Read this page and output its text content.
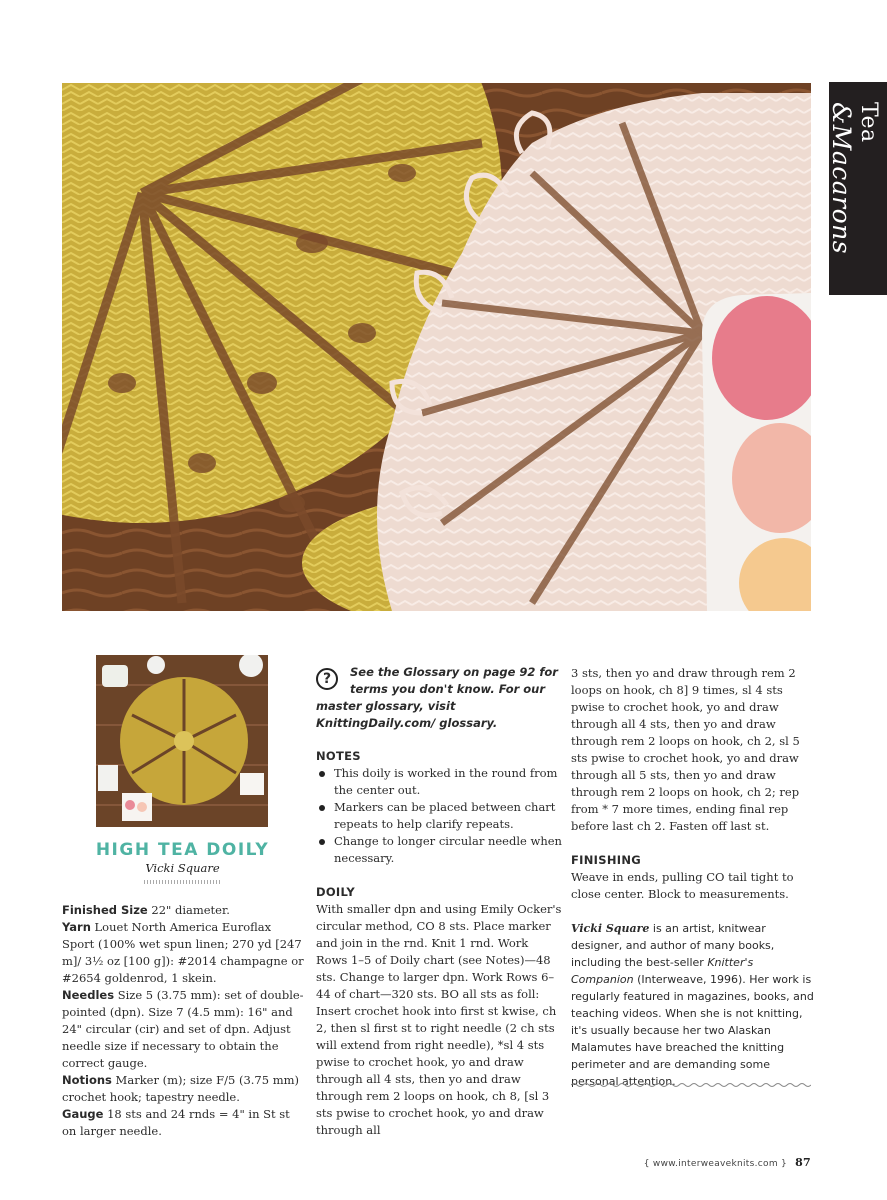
Tea &Macarons
HIGH TEA DOILY
Vicki Square

Finished Size 22" diameter.

Yarn Louet North America Euroflax Sport (100% wet spun linen; 270 yd [247 m]/ 3½ oz [100 g]): #2014 champagne or #2654 goldenrod, 1 skein.

Needles Size 5 (3.75 mm): set of double-pointed (dpn). Size 7 (4.5 mm): 16" and 24" circular (cir) and set of dpn. Adjust needle size if necessary to obtain the correct gauge.

Notions Marker (m); size F/5 (3.75 mm) crochet hook; tapestry needle.

Gauge 18 sts and 24 rnds = 4" in St st on larger needle.

?	See the Glossary on page 92 for terms you don't know. For our
master glossary, visit KnittingDaily.com/ glossary.

NOTES

This doily is worked in the round from the center out.
Markers can be placed between chart repeats to help clarify repeats.
Change to longer circular needle when necessary.

DOILY

With smaller dpn and using Emily Ocker's circular method, CO 8 sts. Place marker and join in the rnd. Knit 1 rnd. Work Rows 1–5 of Doily chart (see Notes)—48 sts. Change to larger dpn. Work Rows 6–44 of chart—320 sts. BO all sts as foll: Insert crochet hook into first st kwise, ch 2, then sl first st to right needle (2 ch sts will extend from right needle), *sl 4 sts pwise to crochet hook, yo and draw through all 4 sts, then yo and draw through rem 2 loops on hook, ch 8, [sl 3 sts pwise to crochet hook, yo and draw through all

3 sts, then yo and draw through rem 2 loops on hook, ch 8] 9 times, sl 4 sts pwise to crochet hook, yo and draw through all 4 sts, then yo and draw through rem 2 loops on hook, ch 2, sl 5 sts pwise to crochet hook, yo and draw through all 5 sts, then yo and draw through rem 2 loops on hook, ch 2; rep from * 7 more times, ending final rep before last ch 2. Fasten off last st.

FINISHING

Weave in ends, pulling CO tail tight to close center. Block to measurements.

Vicki Square is an artist, knitwear designer, and author of many books, including the best-seller Knitter's Companion (Interweave, 1996). Her work is regularly featured in magazines, books, and teaching videos. When she is not knitting, it's usually because her two Alaskan Malamutes have breached the knitting perimeter and are demanding some personal attention.

{ www.interweaveknits.com } 87
